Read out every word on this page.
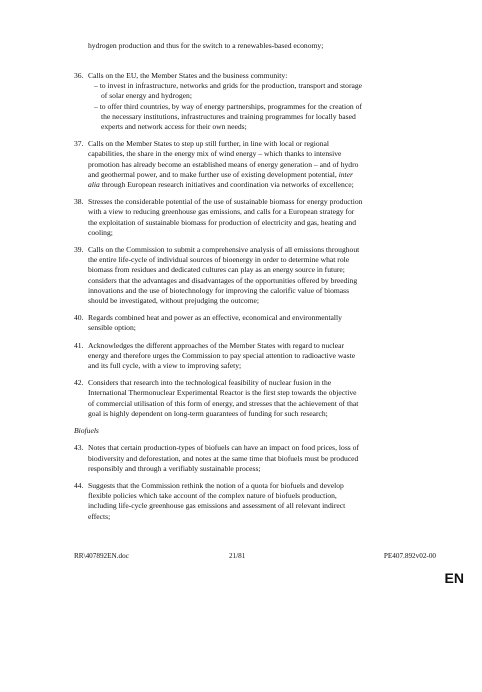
hydrogen production and thus for the switch to a renewables-based economy;
36. Calls on the EU, the Member States and the business community:
– to invest in infrastructure, networks and grids for the production, transport and storage
of solar energy and hydrogen;
– to offer third countries, by way of energy partnerships, programmes for the creation of
the necessary institutions, infrastructures and training programmes for locally based
experts and network access for their own needs;
37. Calls on the Member States to step up still further, in line with local or regional
capabilities, the share in the energy mix of wind energy – which thanks to intensive
promotion has already become an established means of energy generation – and of hydro
and geothermal power, and to make further use of existing development potential, inter
alia through European research initiatives and coordination via networks of excellence;
38. Stresses the considerable potential of the use of sustainable biomass for energy production
with a view to reducing greenhouse gas emissions, and calls for a European strategy for
the exploitation of sustainable biomass for production of electricity and gas, heating and
cooling;
39. Calls on the Commission to submit a comprehensive analysis of all emissions throughout
the entire life-cycle of individual sources of bioenergy in order to determine what role
biomass from residues and dedicated cultures can play as an energy source in future;
considers that the advantages and disadvantages of the opportunities offered by breeding
innovations and the use of biotechnology for improving the calorific value of biomass
should be investigated, without prejudging the outcome;
40. Regards combined heat and power as an effective, economical and environmentally
sensible option;
41. Acknowledges the different approaches of the Member States with regard to nuclear
energy and therefore urges the Commission to pay special attention to radioactive waste
and its full cycle, with a view to improving safety;
42. Considers that research into the technological feasibility of nuclear fusion in the
International Thermonuclear Experimental Reactor is the first step towards the objective
of commercial utilisation of this form of energy, and stresses that the achievement of that
goal is highly dependent on long-term guarantees of funding for such research;
Biofuels
43. Notes that certain production-types of biofuels can have an impact on food prices, loss of
biodiversity and deforestation, and notes at the same time that biofuels must be produced
responsibly and through a verifiably sustainable process;
44. Suggests that the Commission rethink the notion of a quota for biofuels and develop
flexible policies which take account of the complex nature of biofuels production,
including life-cycle greenhouse gas emissions and assessment of all relevant indirect
effects;
RR\407892EN.doc	21/81	PE407.892v02-00
EN
